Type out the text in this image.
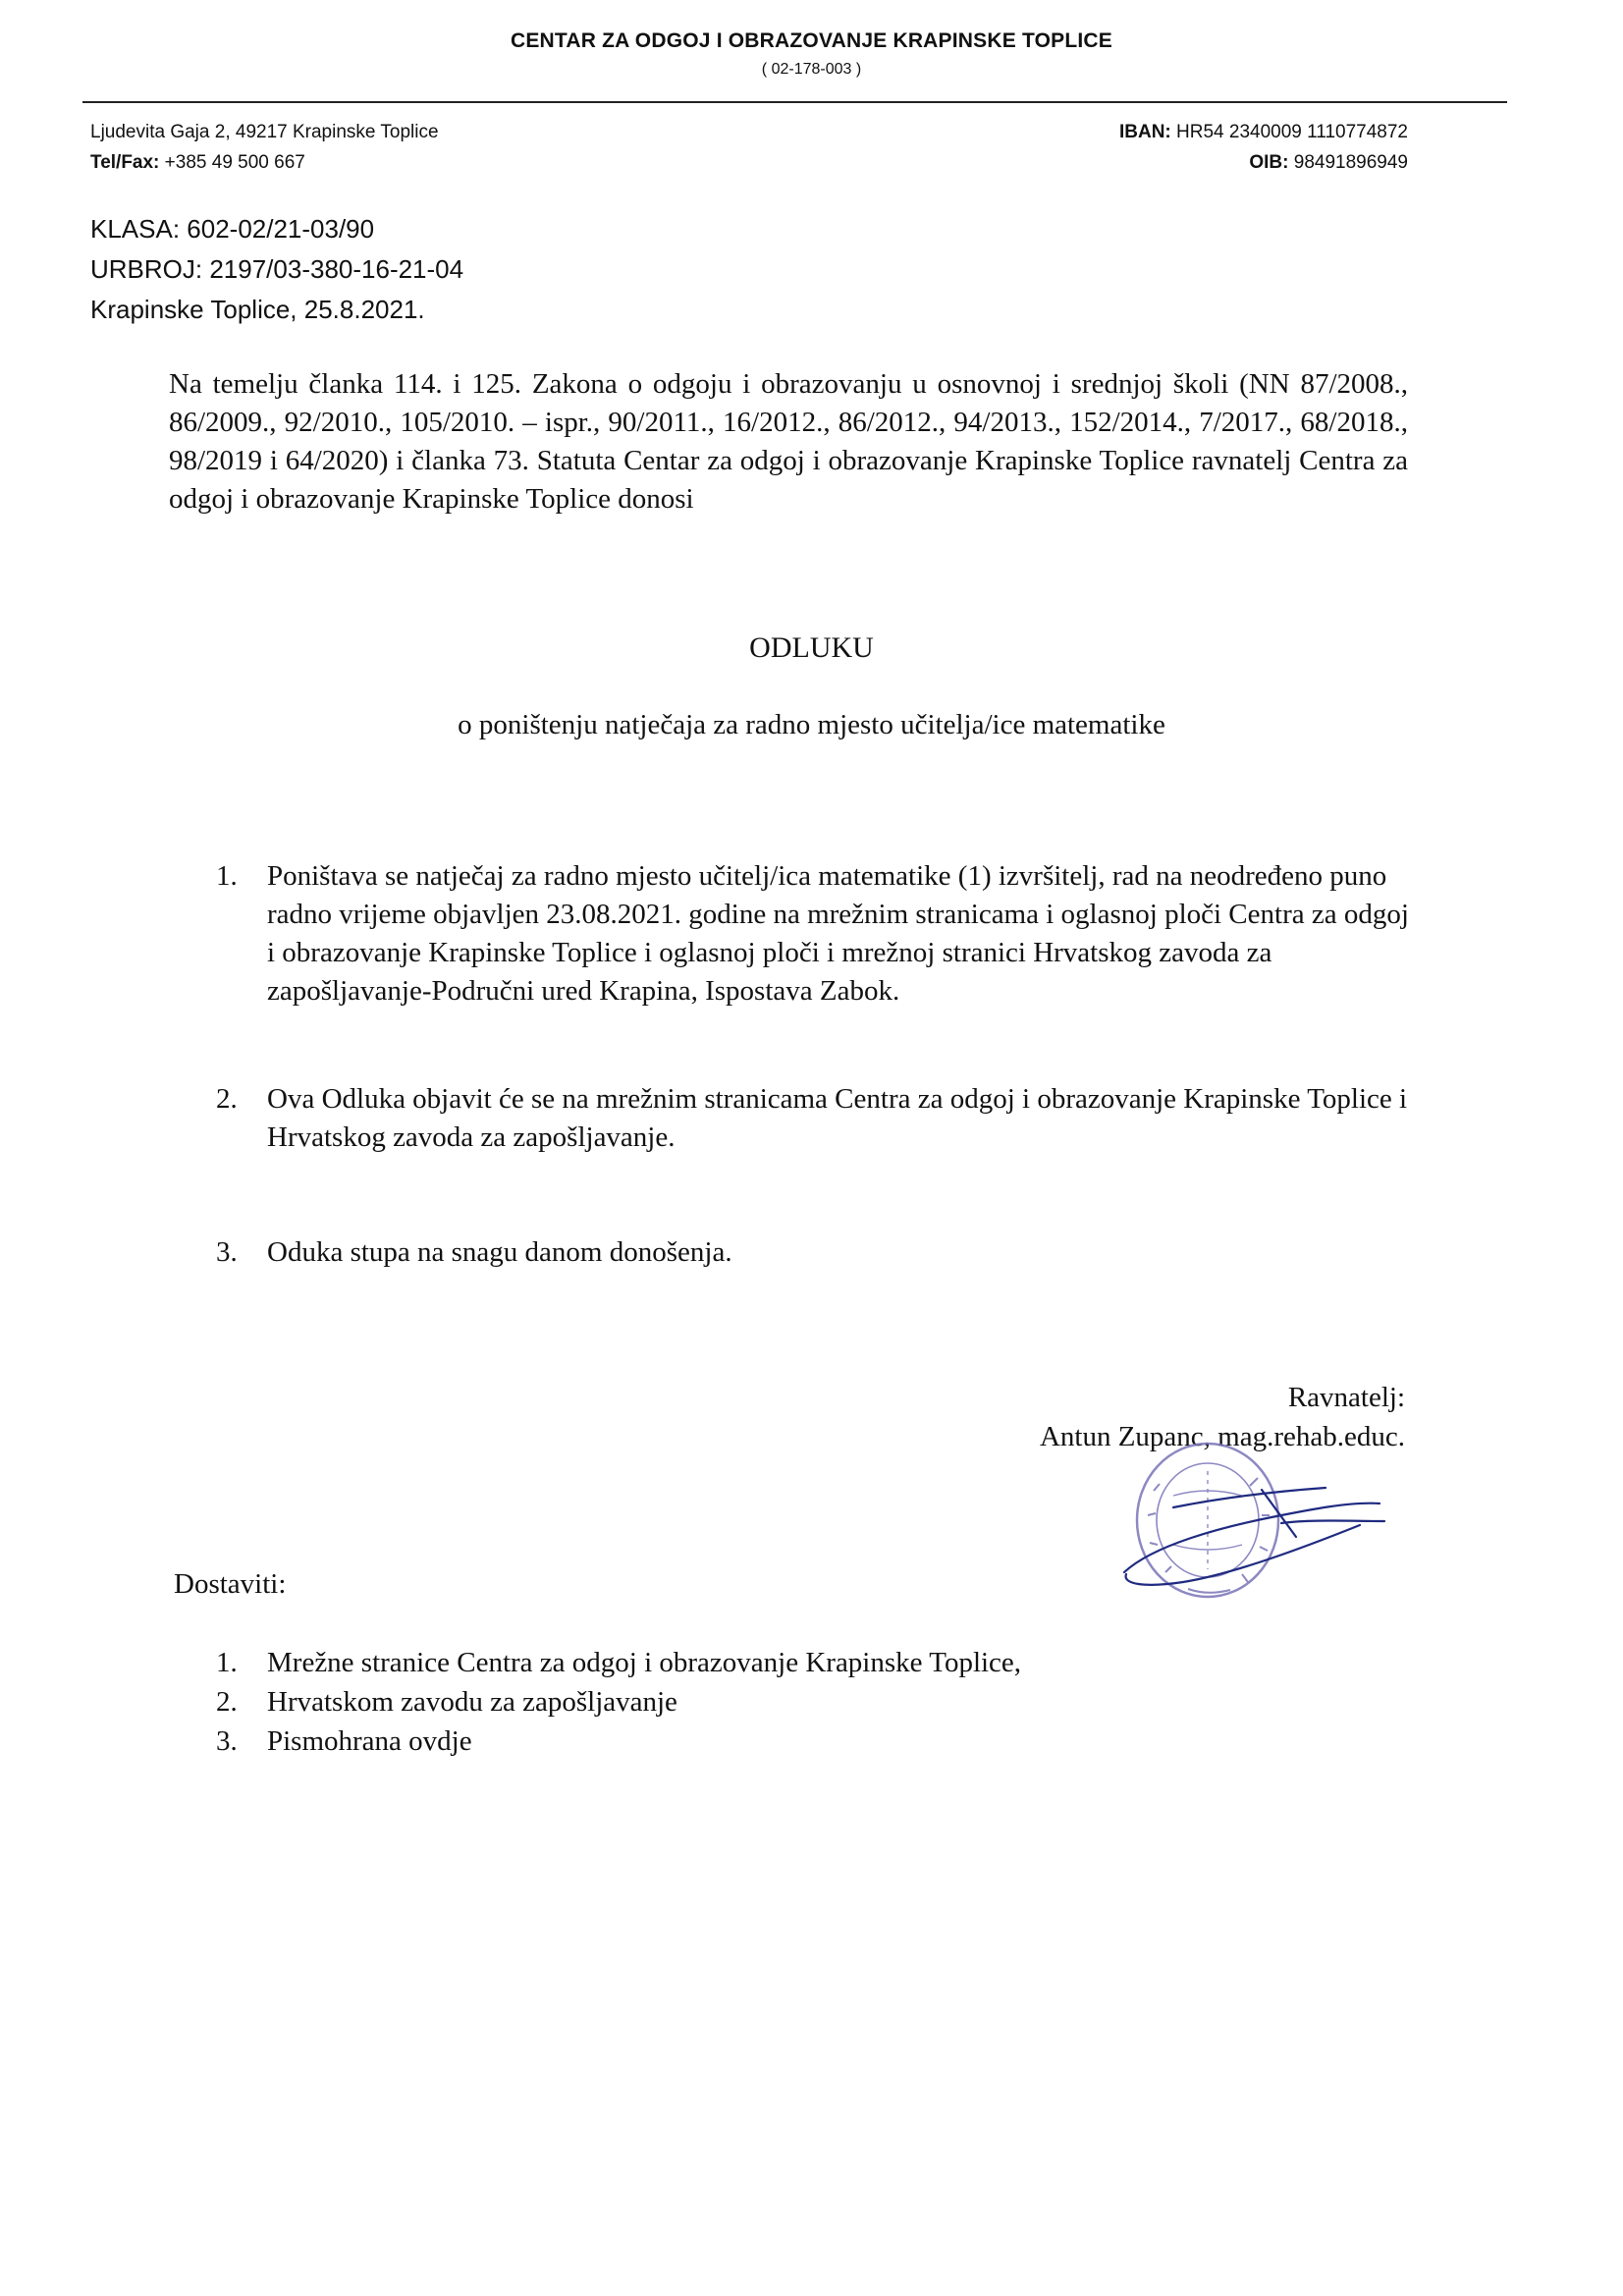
CENTAR ZA ODGOJ I OBRAZOVANJE KRAPINSKE TOPLICE
( 02-178-003 )
Ljudevita Gaja 2, 49217 Krapinske Toplice
Tel/Fax: +385 49 500 667
IBAN: HR54 2340009 1110774872
OIB: 98491896949
KLASA: 602-02/21-03/90
URBROJ: 2197/03-380-16-21-04
Krapinske Toplice, 25.8.2021.

Na temelju članka 114. i 125. Zakona o odgoju i obrazovanju u osnovnoj i srednjoj školi (NN 87/2008., 86/2009., 92/2010., 105/2010. – ispr., 90/2011., 16/2012., 86/2012., 94/2013., 152/2014., 7/2017., 68/2018., 98/2019 i 64/2020) i članka 73. Statuta Centar za odgoj i obrazovanje Krapinske Toplice ravnatelj Centra za odgoj i obrazovanje Krapinske Toplice donosi

ODLUKU
o poništenju natječaja za radno mjesto učitelja/ice matematike
1. Poništava se natječaj za radno mjesto učitelj/ica matematike (1) izvršitelj, rad na neodređeno puno radno vrijeme objavljen 23.08.2021. godine na mrežnim stranicama i oglasnoj ploči Centra za odgoj i obrazovanje Krapinske Toplice i oglasnoj ploči i mrežnoj stranici Hrvatskog zavoda za zapošljavanje-Područni ured Krapina, Ispostava Zabok.

2. Ova Odluka objavit će se na mrežnim stranicama Centra za odgoj i obrazovanje Krapinske Toplice i Hrvatskog zavoda za zapošljavanje.

3. Oduka stupa na snagu danom donošenja.

Ravnatelj:
Antun Zupanc, mag.rehab.educ.
Dostaviti:
1. Mrežne stranice Centra za odgoj i obrazovanje Krapinske Toplice,
2. Hrvatskom zavodu za zapošljavanje
3. Pismohrana ovdje
